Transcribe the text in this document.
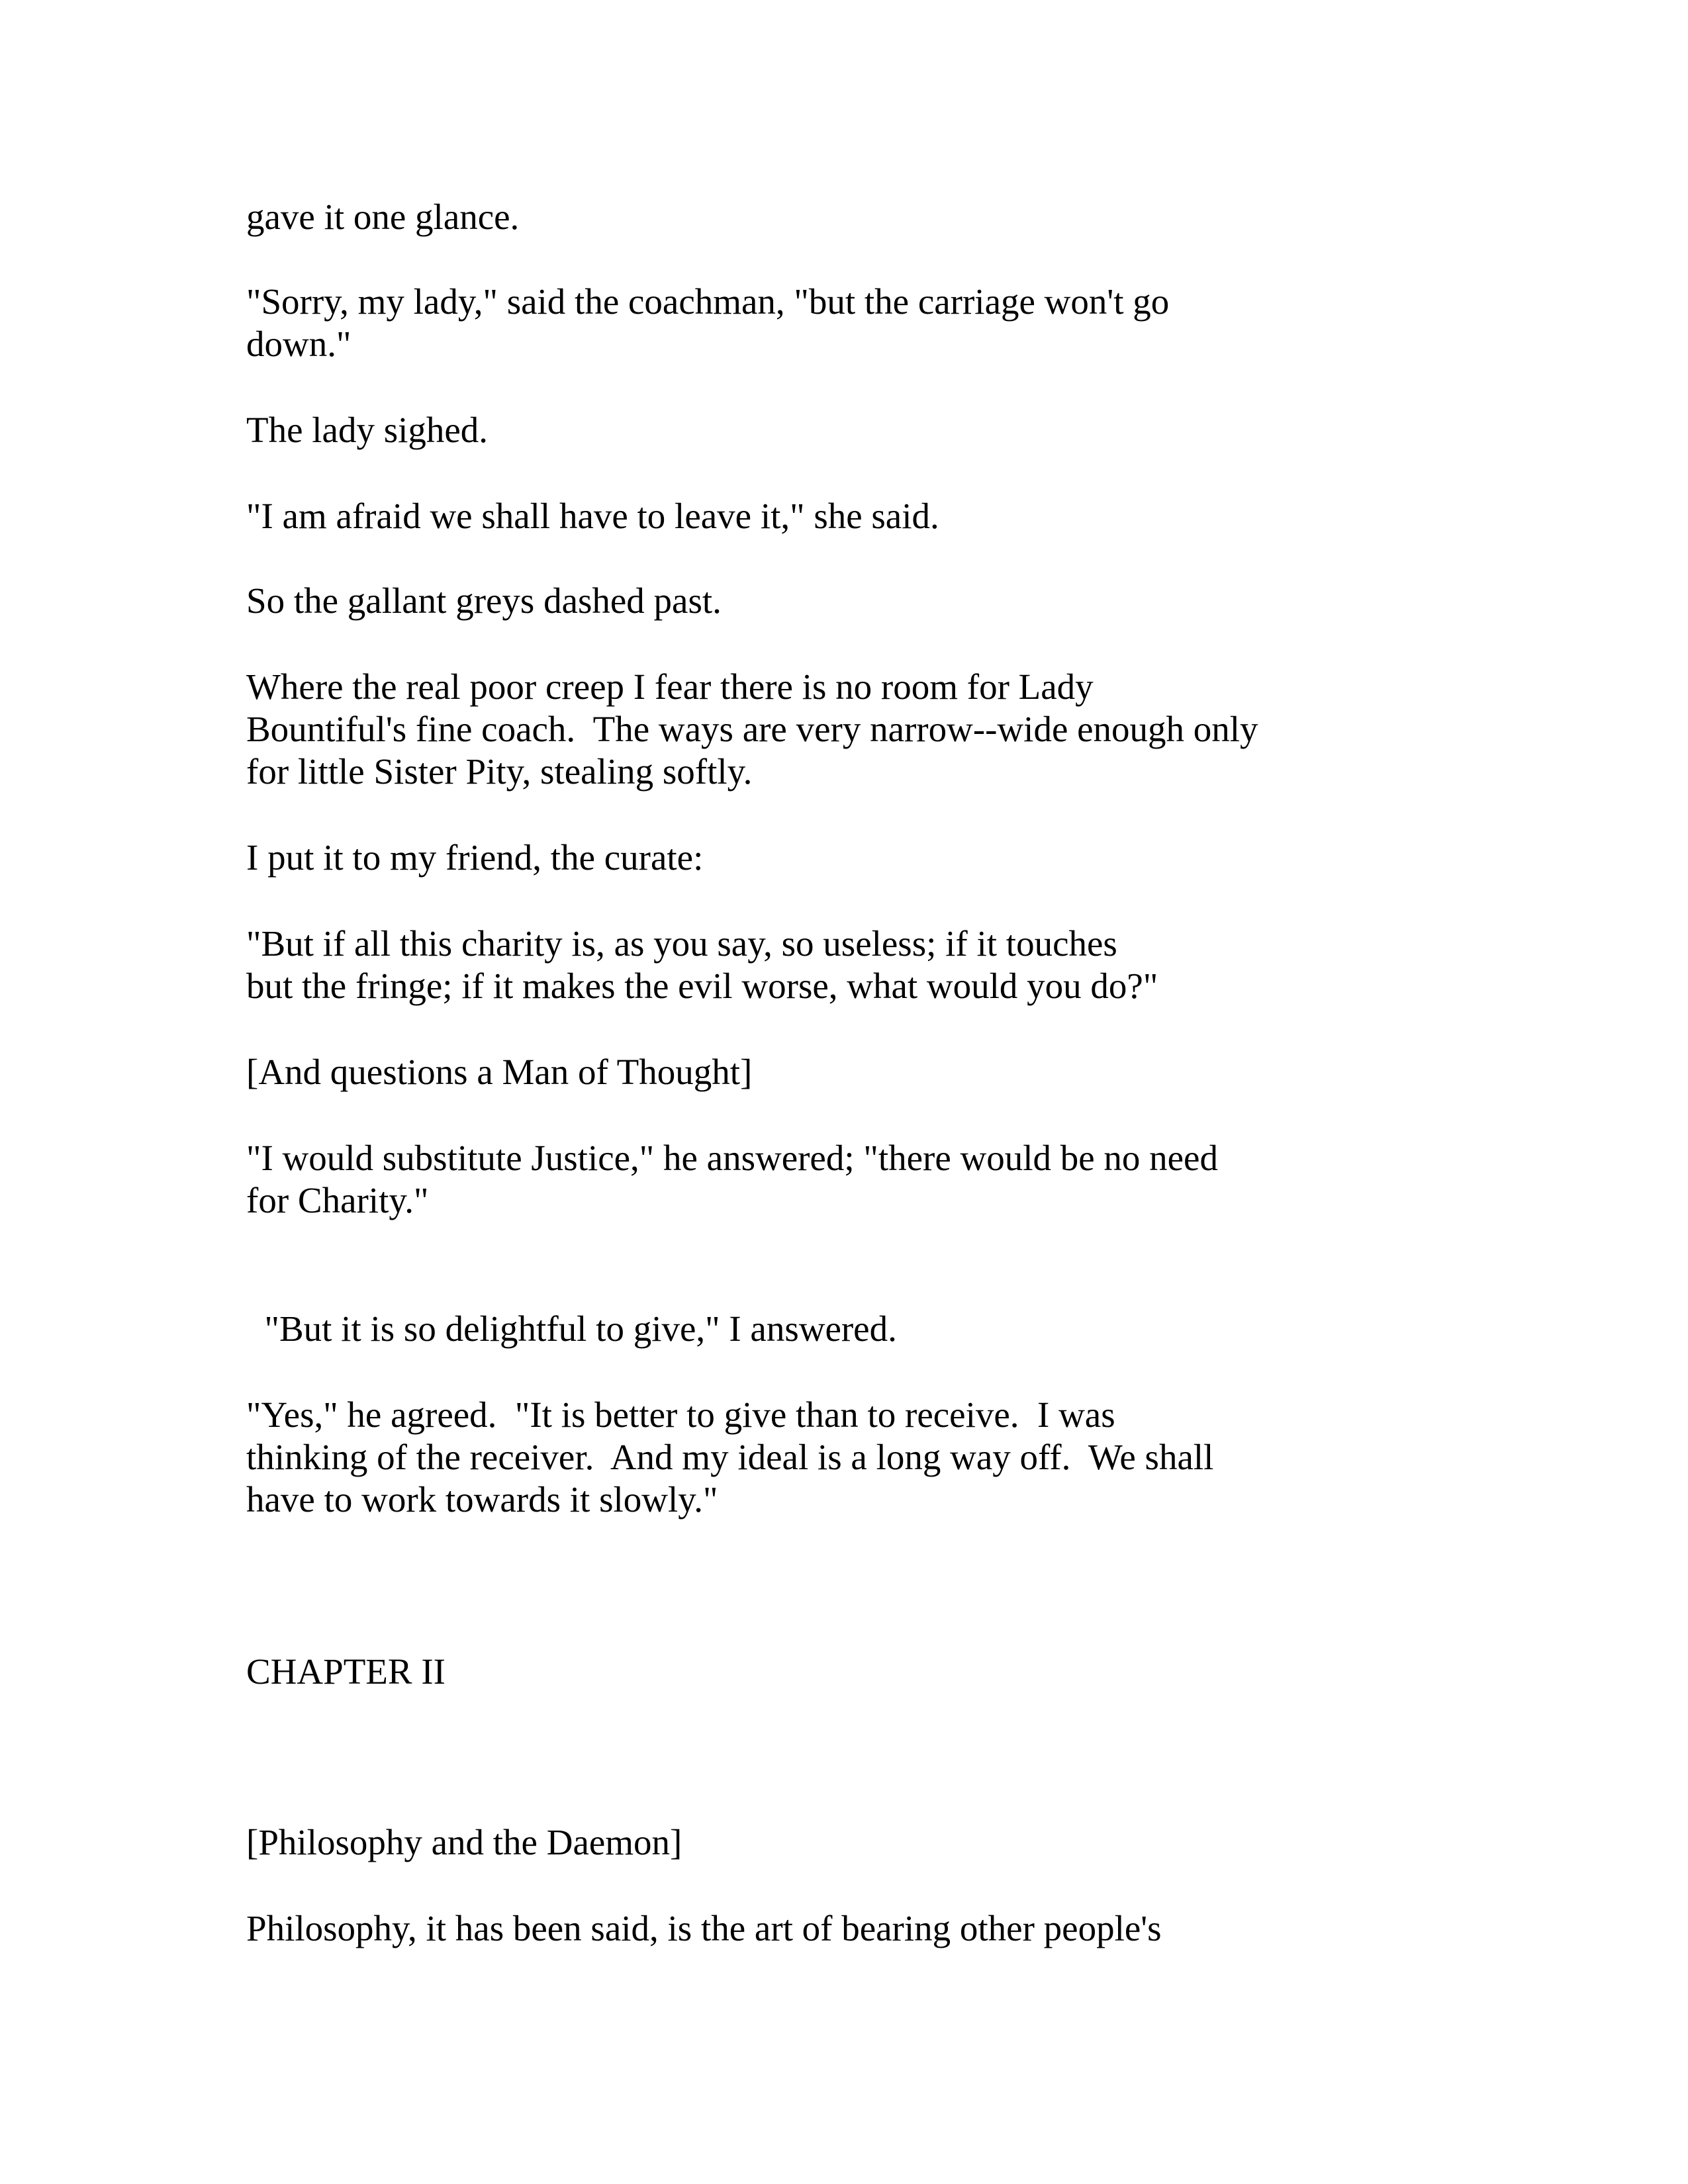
gave it one glance.

"Sorry, my lady," said the coachman, "but the carriage won't go

down."

The lady sighed.

"I am afraid we shall have to leave it," she said.

So the gallant greys dashed past.

Where the real poor creep I fear there is no room for Lady

Bountiful's fine coach.  The ways are very narrow--wide enough only

for little Sister Pity, stealing softly.

I put it to my friend, the curate:

"But if all this charity is, as you say, so useless; if it touches

but the fringe; if it makes the evil worse, what would you do?"

[And questions a Man of Thought]

"I would substitute Justice," he answered; "there would be no need

for Charity."

"But it is so delightful to give," I answered.

"Yes," he agreed.  "It is better to give than to receive.  I was

thinking of the receiver.  And my ideal is a long way off.  We shall

have to work towards it slowly."

CHAPTER II

[Philosophy and the Daemon]

Philosophy, it has been said, is the art of bearing other people's
